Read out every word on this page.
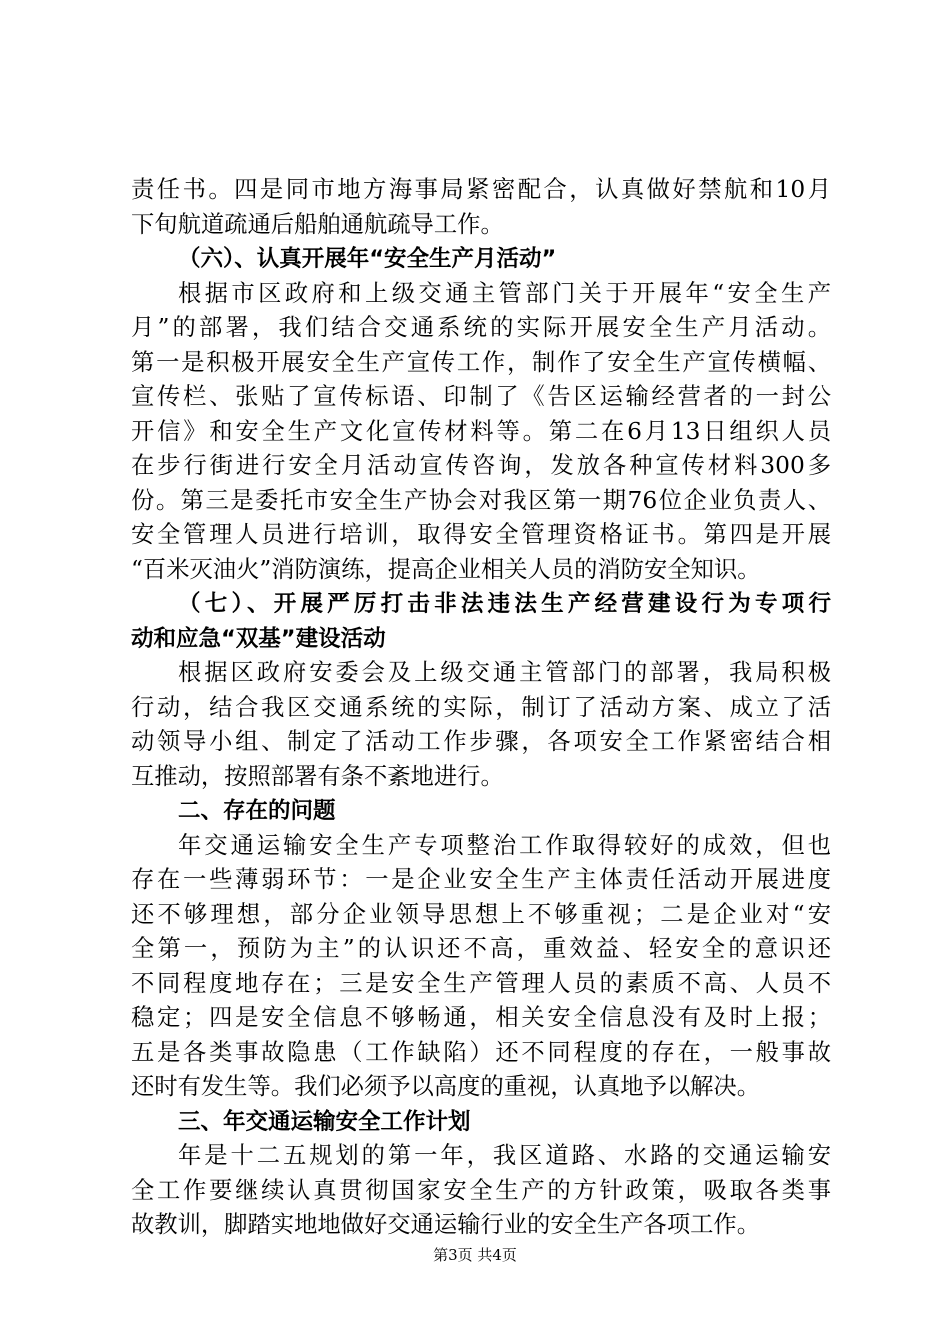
责任书。四是同市地方海事局紧密配合，认真做好禁航和10月
下旬航道疏通后船舶通航疏导工作。
（六）、认真开展年“安全生产月活动”
根据市区政府和上级交通主管部门关于开展年“安全生产
月”的部署，我们结合交通系统的实际开展安全生产月活动。
第一是积极开展安全生产宣传工作，制作了安全生产宣传横幅、
宣传栏、张贴了宣传标语、印制了《告区运输经营者的一封公
开信》和安全生产文化宣传材料等。第二在6月13日组织人员
在步行街进行安全月活动宣传咨询，发放各种宣传材料300多
份。第三是委托市安全生产协会对我区第一期76位企业负责人、
安全管理人员进行培训，取得安全管理资格证书。第四是开展
“百米灭油火”消防演练，提高企业相关人员的消防安全知识。
（七）、开展严厉打击非法违法生产经营建设行为专项行
动和应急“双基”建设活动
根据区政府安委会及上级交通主管部门的部署，我局积极
行动，结合我区交通系统的实际，制订了活动方案、成立了活
动领导小组、制定了活动工作步骤，各项安全工作紧密结合相
互推动，按照部署有条不紊地进行。
二、存在的问题
年交通运输安全生产专项整治工作取得较好的成效，但也
存在一些薄弱环节：一是企业安全生产主体责任活动开展进度
还不够理想，部分企业领导思想上不够重视；二是企业对“安
全第一，预防为主”的认识还不高，重效益、轻安全的意识还
不同程度地存在；三是安全生产管理人员的素质不高、人员不
稳定；四是安全信息不够畅通，相关安全信息没有及时上报；
五是各类事故隐患（工作缺陷）还不同程度的存在，一般事故
还时有发生等。我们必须予以高度的重视，认真地予以解决。
三、年交通运输安全工作计划
年是十二五规划的第一年，我区道路、水路的交通运输安
全工作要继续认真贯彻国家安全生产的方针政策，吸取各类事
故教训，脚踏实地地做好交通运输行业的安全生产各项工作。
第3页 共4页
